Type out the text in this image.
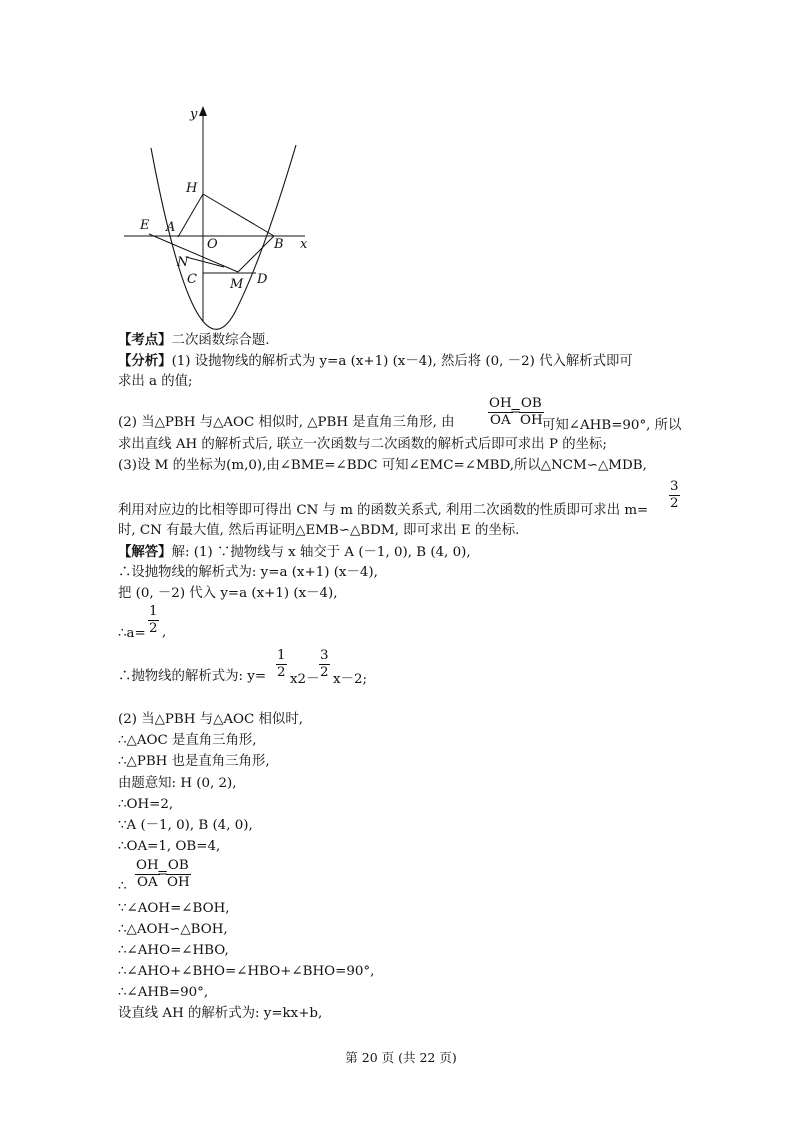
y
x
H
E A
O	B
N
C	M D
【考点】二次函数综合题.
【分析】(1) 设抛物线的解析式为 y=a (x+1) (x－4), 然后将 (0, －2) 代入解析式即可
求出 a 的值;
(2) 当△PBH 与△AOC 相似时, △PBH 是直角三角形, 由 $\frac{OH}{OA}$
=
$\frac{OB}{OH}$
可知∠AHB=90°, 所以
求出直线 AH 的解析式后, 联立一次函数与二次函数的解析式后即可求出 P 的坐标;
(3)设 M 的坐标为(m,0),由∠BME=∠BDC 可知∠EMC=∠MBD,所以△NCM∽△MDB,
利用对应边的比相等即可得出 CN 与 m 的函数关系式, 利用二次函数的性质即可求出 $m= \frac{3}{2}$
时, CN 有最大值, 然后再证明△EMB∽△BDM, 即可求出 E 的坐标.
【解答】解: (1) ∵抛物线与 x 轴交于 A (－1, 0), B (4, 0),
∴设抛物线的解析式为: y=a (x+1) (x－4),
把 (0, －2) 代入 y=a (x+1) (x－4),
∴a= $\frac{1}{2}$ ,
∴抛物线的解析式为: $y= \frac{1}{2} x2- \frac{3}{2} x-2$;
(2) 当△PBH 与△AOC 相似时,
∴△AOC 是直角三角形,
∴△PBH 也是直角三角形,
由题意知: H (0, 2),
∴OH=2,
∵A (－1, 0), B (4, 0),
∴OA=1, OB=4,
∴ $\frac{OH}{OA}$
=
$\frac{OB}{OH}$
∵∠AOH=∠BOH,
∴△AOH∽△BOH,
∴∠AHO=∠HBO,
∴∠AHO+∠BHO=∠HBO+∠BHO=90°,
∴∠AHB=90°,
设直线 AH 的解析式为: y=kx+b,
第 20 页 (共 22 页)
